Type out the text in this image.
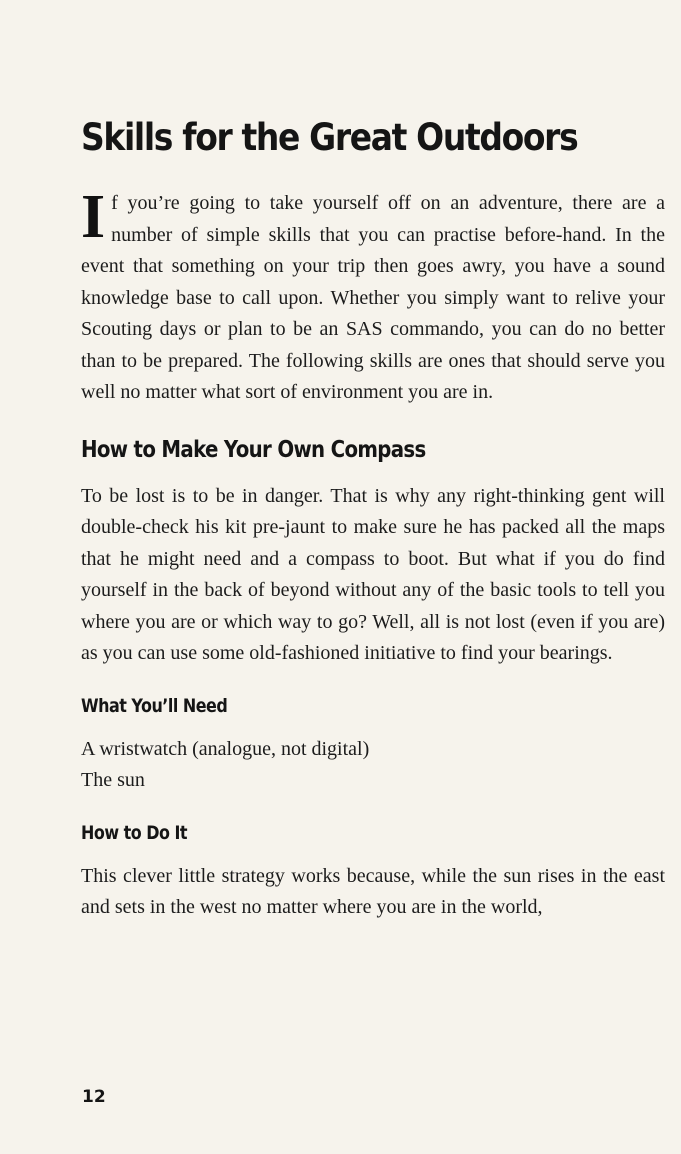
Skills for the Great Outdoors

If you’re going to take yourself off on an adventure, there are a number of simple skills that you can practise before-hand. In the event that something on your trip then goes awry, you have a sound knowledge base to call upon. Whether you simply want to relive your Scouting days or plan to be an SAS commando, you can do no better than to be prepared. The following skills are ones that should serve you well no matter what sort of environment you are in.

How to Make Your Own Compass

To be lost is to be in danger. That is why any right-thinking gent will double-check his kit pre-jaunt to make sure he has packed all the maps that he might need and a compass to boot. But what if you do find yourself in the back of beyond without any of the basic tools to tell you where you are or which way to go? Well, all is not lost (even if you are) as you can use some old-fashioned initiative to find your bearings.

What You’ll Need
A wristwatch (analogue, not digital)
The sun
How to Do It

This clever little strategy works because, while the sun rises in the east and sets in the west no matter where you are in the world,

12
